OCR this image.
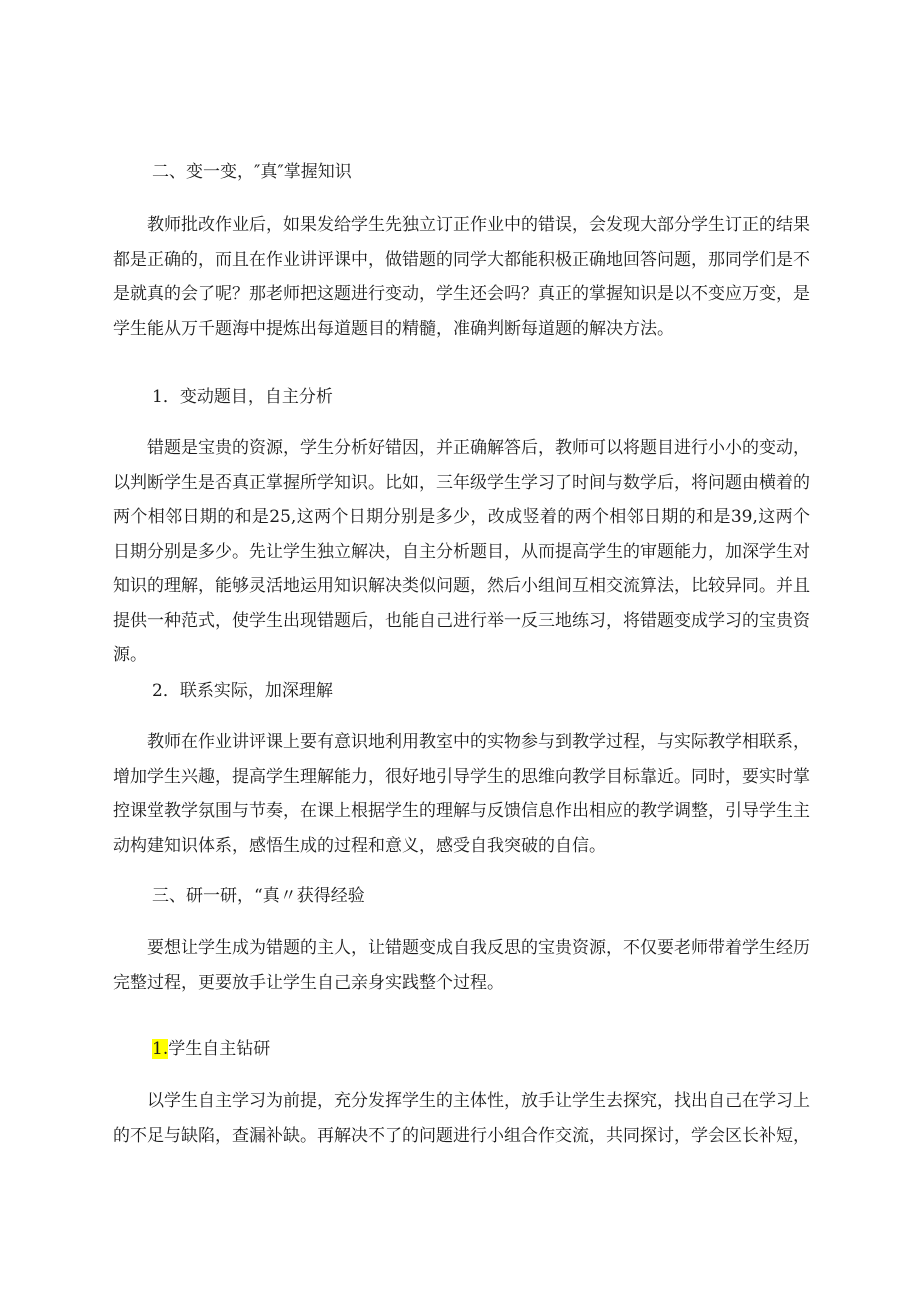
二、变一变，″真″掌握知识

教师批改作业后，如果发给学生先独立订正作业中的错误，会发现大部分学生订正的结果都是正确的，而且在作业讲评课中，做错题的同学大都能积极正确地回答问题，那同学们是不是就真的会了呢？那老师把这题进行变动，学生还会吗？真正的掌握知识是以不变应万变，是学生能从万千题海中提炼出每道题目的精髓，准确判断每道题的解决方法。

1．变动题目，自主分析

错题是宝贵的资源，学生分析好错因，并正确解答后，教师可以将题目进行小小的变动，以判断学生是否真正掌握所学知识。比如，三年级学生学习了时间与数学后，将问题由横着的两个相邻日期的和是25,这两个日期分别是多少，改成竖着的两个相邻日期的和是39,这两个日期分别是多少。先让学生独立解决，自主分析题目，从而提高学生的审题能力，加深学生对知识的理解，能够灵活地运用知识解决类似问题，然后小组间互相交流算法，比较异同。并且提供一种范式，使学生出现错题后，也能自己进行举一反三地练习，将错题变成学习的宝贵资源。

2．联系实际，加深理解

教师在作业讲评课上要有意识地利用教室中的实物参与到教学过程，与实际教学相联系，增加学生兴趣，提高学生理解能力，很好地引导学生的思维向教学目标靠近。同时，要实时掌控课堂教学氛围与节奏，在课上根据学生的理解与反馈信息作出相应的教学调整，引导学生主动构建知识体系，感悟生成的过程和意义，感受自我突破的自信。

三、研一研，“真〃获得经验

要想让学生成为错题的主人，让错题变成自我反思的宝贵资源，不仅要老师带着学生经历完整过程，更要放手让学生自己亲身实践整个过程。

1.学生自主钻研

以学生自主学习为前提，充分发挥学生的主体性，放手让学生去探究，找出自己在学习上的不足与缺陷，查漏补缺。再解决不了的问题进行小组合作交流，共同探讨，学会区长补短，
